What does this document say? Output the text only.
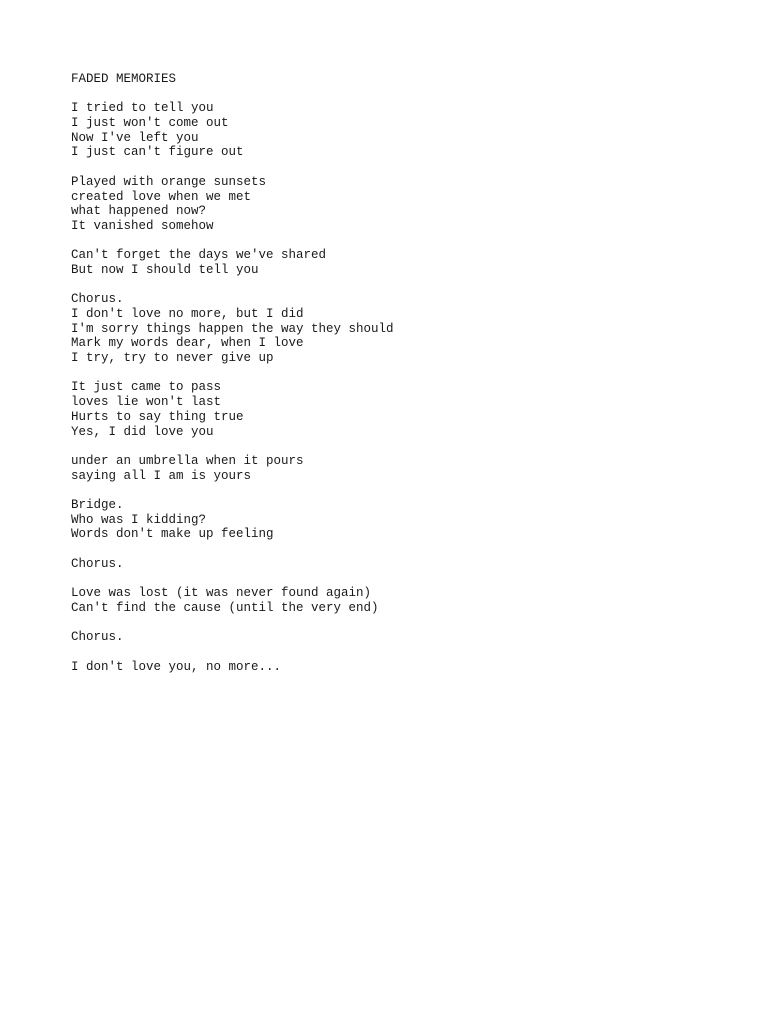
FADED MEMORIES
I tried to tell you
I just won't come out
Now I've left you
I just can't figure out
Played with orange sunsets
created love when we met
what happened now?
It vanished somehow
Can't forget the days we've shared
But now I should tell you
Chorus.
I don't love no more, but I did
I'm sorry things happen the way they should
Mark my words dear, when I love
I try, try to never give up
It just came to pass
loves lie won't last
Hurts to say thing true
Yes, I did love you
under an umbrella when it pours
saying all I am is yours
Bridge.
Who was I kidding?
Words don't make up feeling
Chorus.
Love was lost (it was never found again)
Can't find the cause (until the very end)
Chorus.
I don't love you, no more...
